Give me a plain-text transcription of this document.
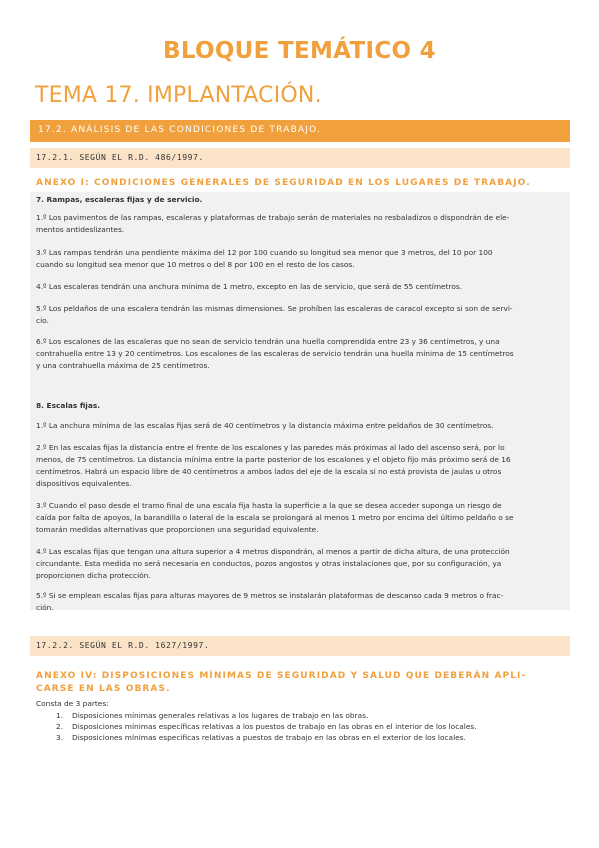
BLOQUE TEMÁTICO 4
TEMA 17. IMPLANTACIÓN.
17.2. ANÁLISIS DE LAS CONDICIONES DE TRABAJO.
17.2.1. SEGÚN EL R.D. 486/1997.
ANEXO I: CONDICIONES GENERALES DE SEGURIDAD EN LOS LUGARES DE TRABAJO.
7. Rampas, escaleras fijas y de servicio.
1.º Los pavimentos de las rampas, escaleras y plataformas de trabajo serán de materiales no resbaladizos o dispondrán de ele-
mentos antideslizantes.
3.º Las rampas tendrán una pendiente máxima del 12 por 100 cuando su longitud sea menor que 3 metros, del 10 por 100
cuando su longitud sea menor que 10 metros o del 8 por 100 en el resto de los casos.
4.º Las escaleras tendrán una anchura mínima de 1 metro, excepto en las de servicio, que será de 55 centímetros.
5.º Los peldaños de una escalera tendrán las mismas dimensiones. Se prohíben las escaleras de caracol excepto si son de servi-
cio.
6.º Los escalones de las escaleras que no sean de servicio tendrán una huella comprendida entre 23 y 36 centímetros, y una
contrahuella entre 13 y 20 centímetros. Los escalones de las escaleras de servicio tendrán una huella mínima de 15 centímetros
y una contrahuella máxima de 25 centímetros.
8. Escalas fijas.
1.º La anchura mínima de las escalas fijas será de 40 centímetros y la distancia máxima entre peldaños de 30 centímetros.
2.º En las escalas fijas la distancia entre el frente de los escalones y las paredes más próximas al lado del ascenso será, por lo
menos, de 75 centímetros. La distancia mínima entre la parte posterior de los escalones y el objeto fijo más próximo será de 16
centímetros. Habrá un espacio libre de 40 centímetros a ambos lados del eje de la escala si no está provista de jaulas u otros
dispositivos equivalentes.
3.º Cuando el paso desde el tramo final de una escala fija hasta la superficie a la que se desea acceder suponga un riesgo de
caída por falta de apoyos, la barandilla o lateral de la escala se prolongará al menos 1 metro por encima del último peldaño o se
tomarán medidas alternativas que proporcionen una seguridad equivalente.
4.º Las escalas fijas que tengan una altura superior a 4 metros dispondrán, al menos a partir de dicha altura, de una protección
circundante. Esta medida no será necesaria en conductos, pozos angostos y otras instalaciones que, por su configuración, ya
proporcionen dicha protección.
5.º Si se emplean escalas fijas para alturas mayores de 9 metros se instalarán plataformas de descanso cada 9 metros o frac-
ción.
17.2.2. SEGÚN EL R.D. 1627/1997.
ANEXO IV: DISPOSICIONES MÍNIMAS DE SEGURIDAD Y SALUD QUE DEBERÁN APLI-
CARSE EN LAS OBRAS.
Consta de 3 partes:
1. Disposiciones mínimas generales relativas a los lugares de trabajo en las obras.
2. Disposiciones mínimas específicas relativas a los puestos de trabajo en las obras en el interior de los locales.
3. Disposiciones mínimas específicas relativas a puestos de trabajo en las obras en el exterior de los locales.
